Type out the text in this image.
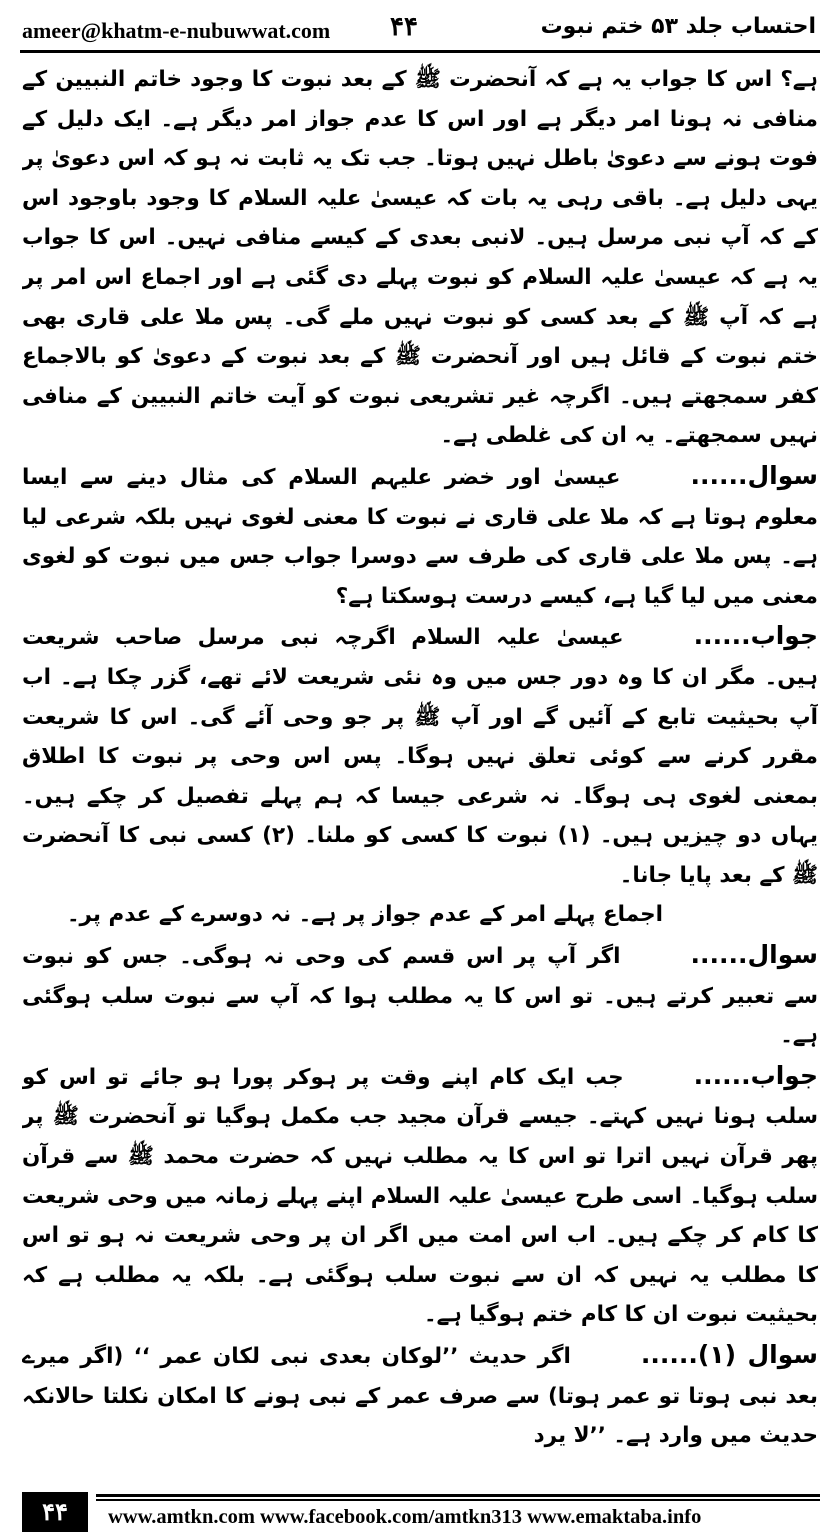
ameer@khatm-e-nubuwwat.com ۴۴	احتساب جلد ۵۳ ختم نبوت

ہے؟ اس کا جواب یہ ہے کہ آنحضرت ﷺ کے بعد نبوت کا وجود خاتم النبیین کے منافی نہ ہونا امر دیگر ہے اور اس کا عدم جواز امر دیگر ہے۔ ایک دلیل کے فوت ہونے سے دعویٰ باطل نہیں ہوتا۔ جب تک یہ ثابت نہ ہو کہ اس دعویٰ پر یہی دلیل ہے۔ باقی رہی یہ بات کہ عیسیٰ علیہ السلام کا وجود باوجود اس کے کہ آپ نبی مرسل ہیں۔ لانبی بعدی کے کیسے منافی نہیں۔ اس کا جواب یہ ہے کہ عیسیٰ علیہ السلام کو نبوت پہلے دی گئی ہے اور اجماع اس امر پر ہے کہ آپ ﷺ کے بعد کسی کو نبوت نہیں ملے گی۔ پس ملا علی قاری بھی ختم نبوت کے قائل ہیں اور آنحضرت ﷺ کے بعد نبوت کے دعویٰ کو بالاجماع کفر سمجھتے ہیں۔ اگرچہ غیر تشریعی نبوت کو آیت خاتم النبیین کے منافی نہیں سمجھتے۔ یہ ان کی غلطی ہے۔

سوال......عیسیٰ اور خضر علیہم السلام کی مثال دینے سے ایسا معلوم ہوتا ہے کہ ملا علی قاری نے نبوت کا معنی لغوی نہیں بلکہ شرعی لیا ہے۔ پس ملا علی قاری کی طرف سے دوسرا جواب جس میں نبوت کو لغوی معنی میں لیا گیا ہے، کیسے درست ہوسکتا ہے؟

جواب......عیسیٰ علیہ السلام اگرچہ نبی مرسل صاحب شریعت ہیں۔ مگر ان کا وہ دور جس میں وہ نئی شریعت لائے تھے، گزر چکا ہے۔ اب آپ بحیثیت تابع کے آئیں گے اور آپ ﷺ پر جو وحی آئے گی۔ اس کا شریعت مقرر کرنے سے کوئی تعلق نہیں ہوگا۔ پس اس وحی پر نبوت کا اطلاق بمعنی لغوی ہی ہوگا۔ نہ شرعی جیسا کہ ہم پہلے تفصیل کر چکے ہیں۔ یہاں دو چیزیں ہیں۔ (۱) نبوت کا کسی کو ملنا۔ (۲) کسی نبی کا آنحضرت ﷺ کے بعد پایا جانا۔

اجماع پہلے امر کے عدم جواز پر ہے۔ نہ دوسرے کے عدم پر۔

سوال......اگر آپ پر اس قسم کی وحی نہ ہوگی۔ جس کو نبوت سے تعبیر کرتے ہیں۔ تو اس کا یہ مطلب ہوا کہ آپ سے نبوت سلب ہوگئی ہے۔

جواب......جب ایک کام اپنے وقت پر ہوکر پورا ہو جائے تو اس کو سلب ہونا نہیں کہتے۔ جیسے قرآن مجید جب مکمل ہوگیا تو آنحضرت ﷺ پر پھر قرآن نہیں اترا تو اس کا یہ مطلب نہیں کہ حضرت محمد ﷺ سے قرآن سلب ہوگیا۔ اسی طرح عیسیٰ علیہ السلام اپنے پہلے زمانہ میں وحی شریعت کا کام کر چکے ہیں۔ اب اس امت میں اگر ان پر وحی شریعت نہ ہو تو اس کا مطلب یہ نہیں کہ ان سے نبوت سلب ہوگئی ہے۔ بلکہ یہ مطلب ہے کہ بحیثیت نبوت ان کا کام ختم ہوگیا ہے۔

سوال (۱)......اگر حدیث ’’لوکان بعدی نبی لکان عمر ‘‘ (اگر میرے بعد نبی ہوتا تو عمر ہوتا) سے صرف عمر کے نبی ہونے کا امکان نکلتا حالانکہ حدیث میں وارد ہے۔ ’’لا یرد

۴۴	www.amtkn.com www.facebook.com/amtkn313 www.emaktaba.info
